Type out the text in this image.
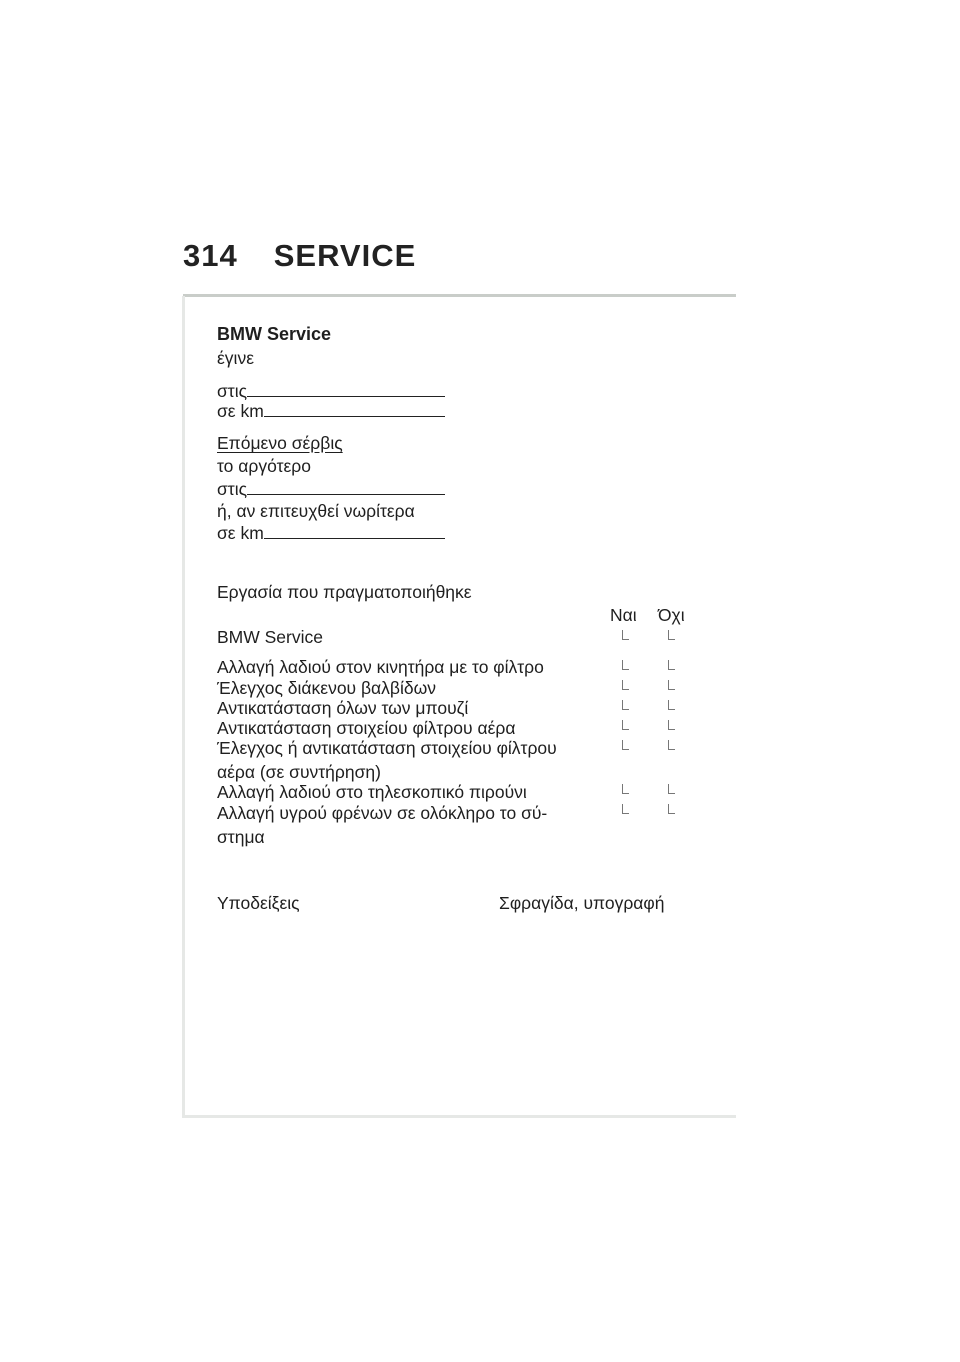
314 SERVICE
BMW Service
έγινε
στις
σε km
Επόμενο σέρβις
το αργότερο
στις
ή, αν επιτευχθεί νωρίτερα
σε km
Εργασία που πραγματοποιήθηκε
Ναι Όχι
BMW Service
Αλλαγή λαδιού στον κινητήρα με το φίλτρο
Έλεγχος διάκενου βαλβίδων
Αντικατάσταση όλων των μπουζί
Αντικατάσταση στοιχείου φίλτρου αέρα
Έλεγχος ή αντικατάσταση στοιχείου φίλτρου
αέρα (σε συντήρηση)
Αλλαγή λαδιού στο τηλεσκοπικό πιρούνι
Αλλαγή υγρού φρένων σε ολόκληρο το σύ-
στημα
Υποδείξεις	Σφραγίδα, υπογραφή
